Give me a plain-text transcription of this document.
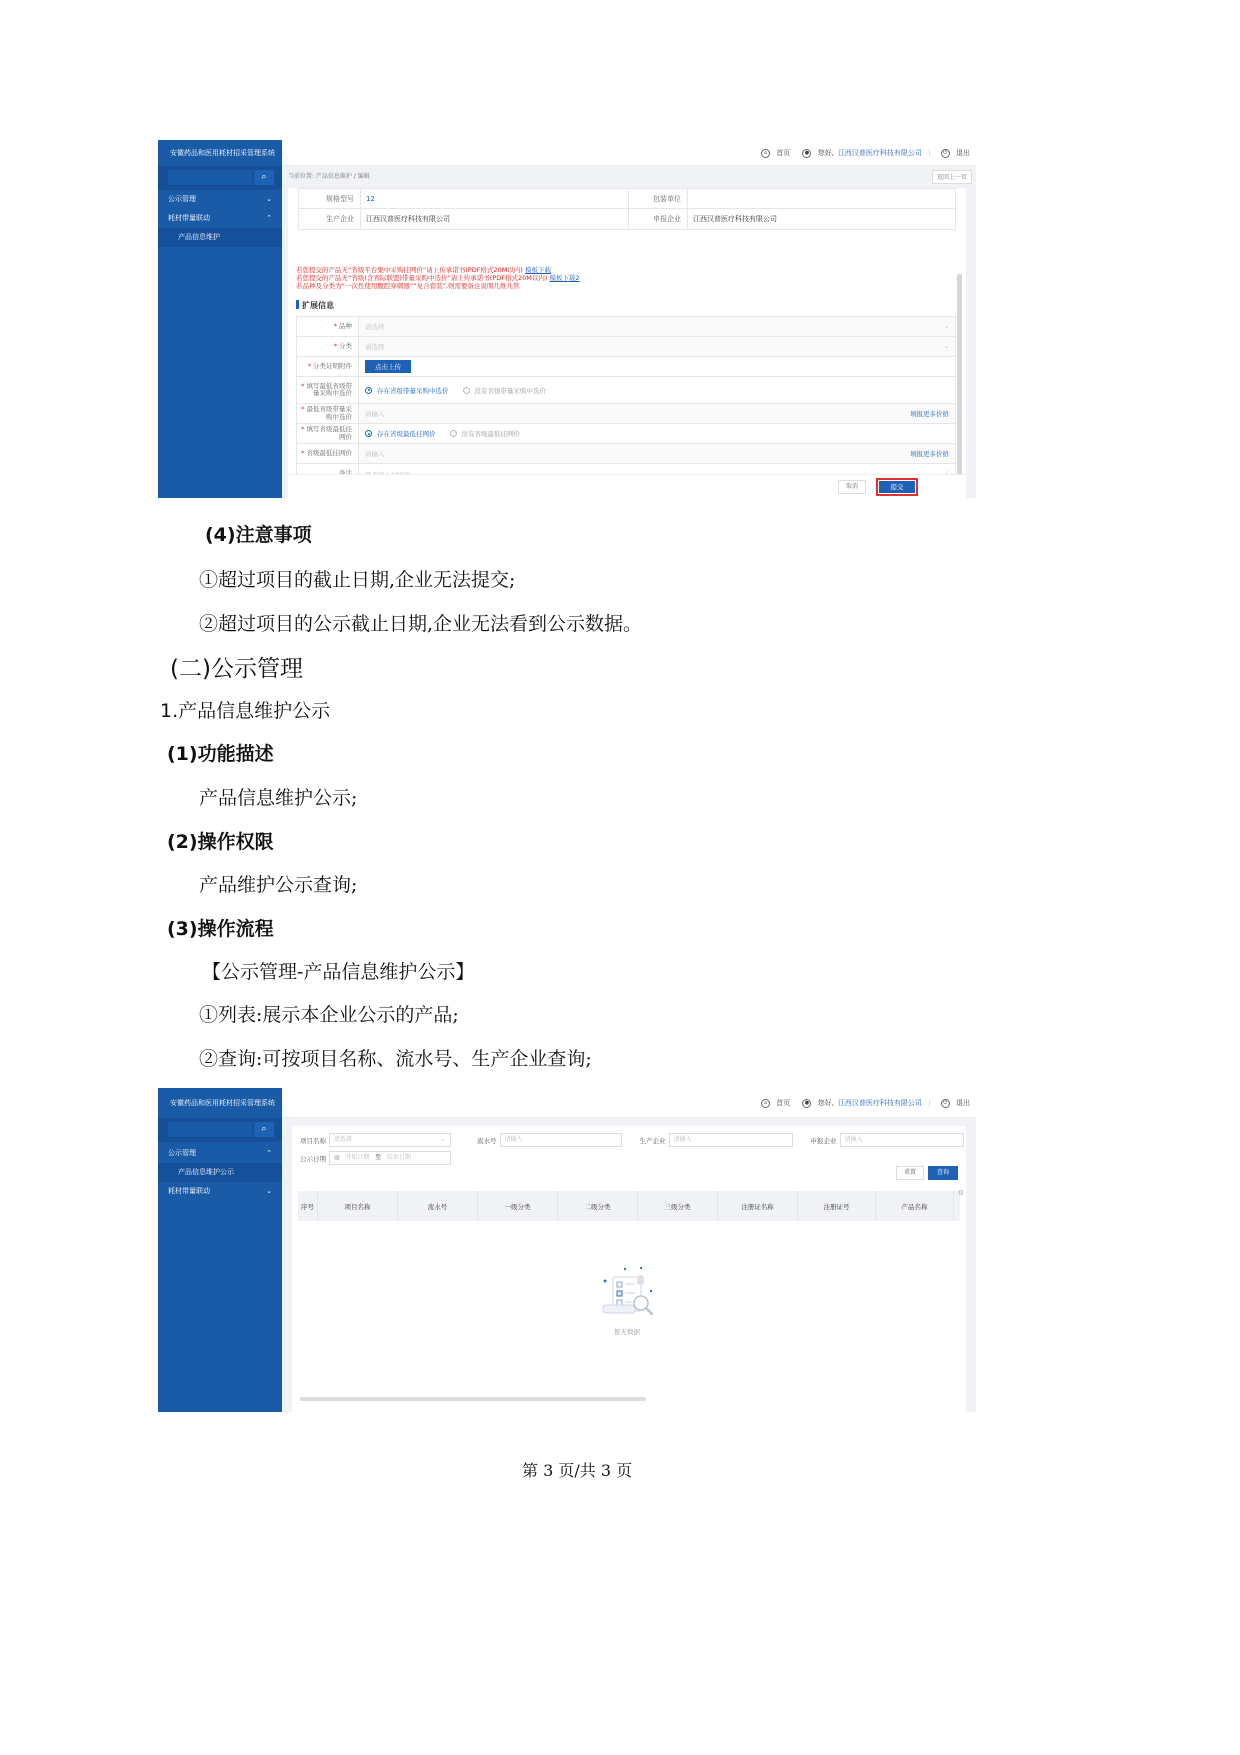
安徽药品和医用耗材招采管理系统
⌕
公示管理	⌄
耗材带量联动	⌃
产品信息维护
⌂ 首页	● 您好, 江西汉普医疗科技有限公司 |	⏻ 退出
当前位置: 产品信息维护 / 编辑	返回上一页
规格型号	12	包装单位
生产企业	江西汉普医疗科技有限公司	申报企业	江西汉普医疗科技有限公司
若您提交的产品无“省级平台集中采购挂网价”请上传承诺书(PDF格式20M以内) 模板下载
若您提交的产品无“省级(含省际联盟)带量采购中选价”请上传承诺书(PDF格式20M以内) 模板下载2
若品种及分类为“一次性使用腹腔穿刺器”“复合套装”,则需要备注说明几维几管
扩展信息
* 品种 请选择	⌄
* 分类 请选择	⌄
* 分类证明附件	点击上传
* 填写最低省级带量采购中选价	存在省级带量采购中选价	没有省级带量采购中选价
* 最低省级带量采购中选价 请输入	填报更多价格
* 填写省级最低挂网价	存在省级最低挂网价	没有省级最低挂网价
* 省级最低挂网价 请输入	填报更多价格
取消	提交
(4)注意事项
①超过项目的截止日期,企业无法提交;
②超过项目的公示截止日期,企业无法看到公示数据。
(二)公示管理
1.产品信息维护公示
(1)功能描述
产品信息维护公示;
(2)操作权限
产品维护公示查询;
(3)操作流程
【公示管理-产品信息维护公示】
①列表:展示本企业公示的产品;
②查询:可按项目名称、流水号、生产企业查询;
安徽药品和医用耗材招采管理系统
⌕
公示管理	⌃
产品信息维护公示
耗材带量联动	⌄
⌂ 首页	● 您好, 江西汉普医疗科技有限公司 |	⏻ 退出
项目名称	请选择	⌄	流水号	请输入	生产企业	请输入	申报企业	请输入
公示日期	▦ 开始日期 至 结束日期
重置	查询
序号	项目名称	流水号	一级分类	二级分类	三级分类	注册证名称	注册证号	产品名称
⚙
暂无数据
第 3 页/共 3 页
